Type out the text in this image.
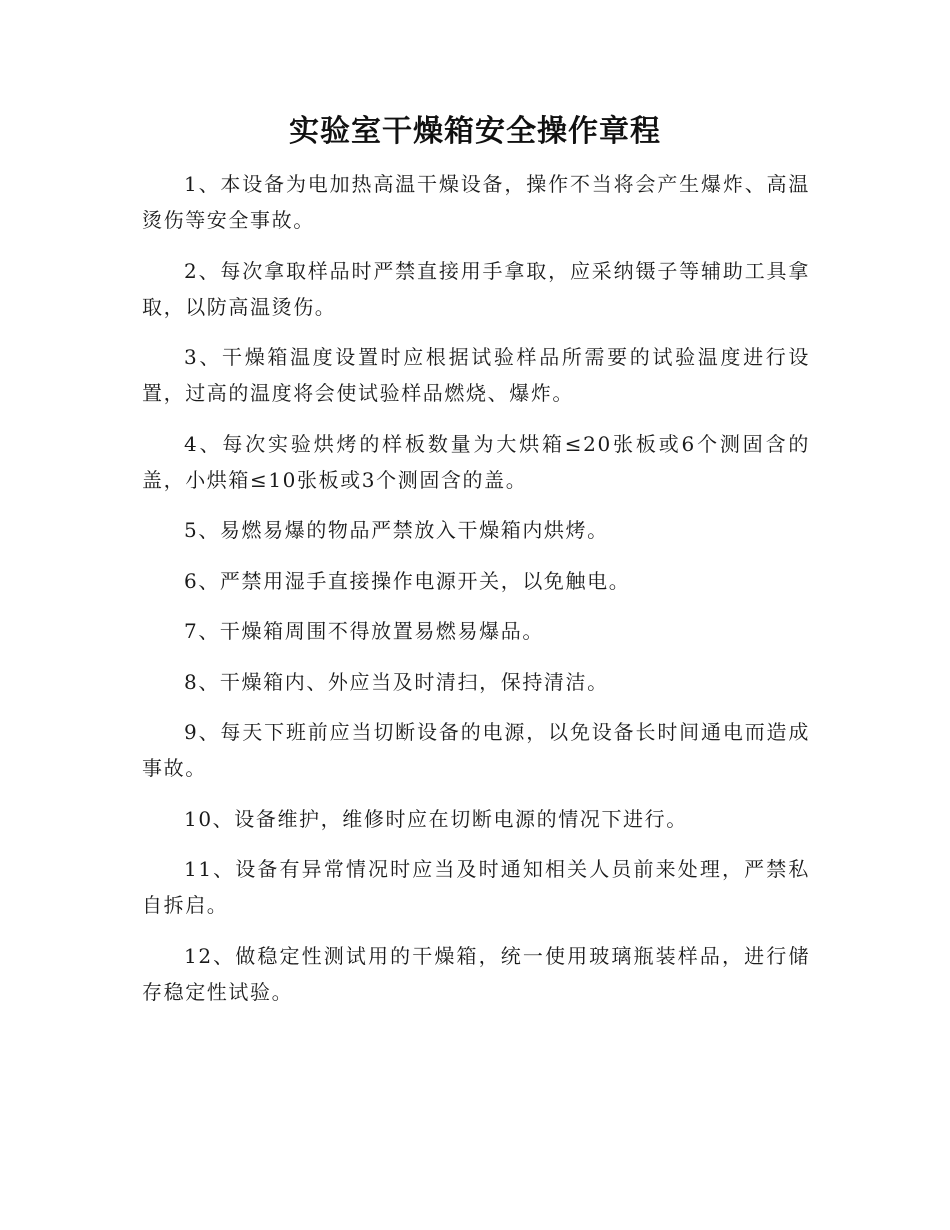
实验室干燥箱安全操作章程

1、本设备为电加热高温干燥设备，操作不当将会产生爆炸、高温烫伤等安全事故。

2、每次拿取样品时严禁直接用手拿取，应采纳镊子等辅助工具拿取，以防高温烫伤。

3、干燥箱温度设置时应根据试验样品所需要的试验温度进行设置，过高的温度将会使试验样品燃烧、爆炸。

4、每次实验烘烤的样板数量为大烘箱≤20张板或6个测固含的盖，小烘箱≤10张板或3个测固含的盖。

5、易燃易爆的物品严禁放入干燥箱内烘烤。

6、严禁用湿手直接操作电源开关，以免触电。

7、干燥箱周围不得放置易燃易爆品。

8、干燥箱内、外应当及时清扫，保持清洁。

9、每天下班前应当切断设备的电源，以免设备长时间通电而造成事故。

10、设备维护，维修时应在切断电源的情况下进行。

11、设备有异常情况时应当及时通知相关人员前来处理，严禁私自拆启。

12、做稳定性测试用的干燥箱，统一使用玻璃瓶装样品，进行储存稳定性试验。
